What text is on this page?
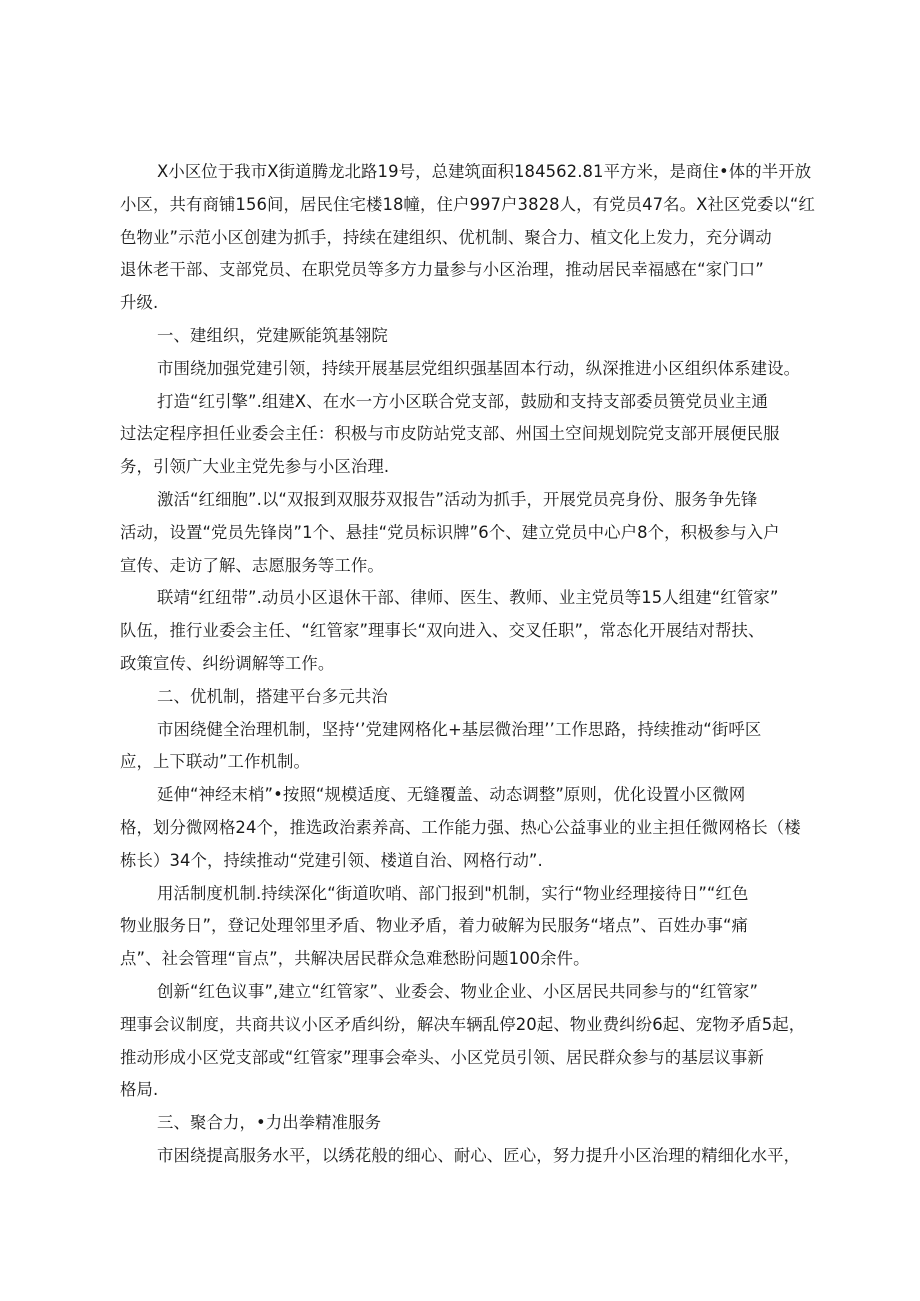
X小区位于我市X街道腾龙北路19号，总建筑面积184562.81平方米，是商住•体的半开放
小区，共有商铺156间，居民住宅楼18幢，住户997户3828人，有党员47名。X社区党委以“红
色物业”示范小区创建为抓手，持续在建组织、优机制、聚合力、植文化上发力，充分调动
退休老干部、支部党员、在职党员等多方力量参与小区治理，推动居民幸福感在“家门口”
升级.
一、建组织，党建厥能筑基翎院
市围绕加强党建引领，持续开展基层党组织强基固本行动，纵深推进小区组织体系建设。
打造“红引擎”.组建X、在水一方小区联合党支部，鼓励和支持支部委员篑党员业主通
过法定程序担任业委会主任：积极与市皮防站党支部、州国土空间规划院党支部开展便民服
务，引领广大业主党先参与小区治理.
激活“红细胞”.以“双报到双服芬双报告”活动为抓手，开展党员亮身份、服务争先锋
活动，设置“党员先锋岗”1个、悬挂“党员标识牌”6个、建立党员中心户8个，积极参与入户
宣传、走访了解、志愿服务等工作。
联靖“红纽带”.动员小区退休干部、律师、医生、教师、业主党员等15人组建“红管家”
队伍，推行业委会主任、“红管家”理事长“双向进入、交叉任职”，常态化开展结对帮扶、
政策宣传、纠纷调解等工作。
二、优机制，搭建平台多元共治
市困绕健全治理机制，坚持‘’党建网格化+基层微治理’’工作思路，持续推动“街呼区
应，上下联动”工作机制。
延伸“神经末梢”•按照“规模适度、无缝覆盖、动态调整”原则，优化设置小区微网
格，划分微网格24个，推选政治素养高、工作能力强、热心公益事业的业主担任微网格长（楼
栋长）34个，持续推动“党建引领、楼道自治、网格行动”.
用活制度机制.持续深化“街道吹哨、部门报到"机制，实行“物业经理接待日”“红色
物业服务日”，登记处理邻里矛盾、物业矛盾，着力破解为民服务“堵点”、百姓办事“痛
点”、社会管理“盲点”，共解决居民群众急难愁盼问题100余件。
创新“红色议事”,建立“红管家”、业委会、物业企业、小区居民共同参与的“红管家”
理事会议制度，共商共议小区矛盾纠纷，解决车辆乱停20起、物业费纠纷6起、宠物矛盾5起，
推动形成小区党支部或“红管家”理事会牵头、小区党员引领、居民群众参与的基层议事新
格局.
三、聚合力，•力出拳精准服务
市困绕提高服务水平，以绣花般的细心、耐心、匠心，努力提升小区治理的精细化水平，
